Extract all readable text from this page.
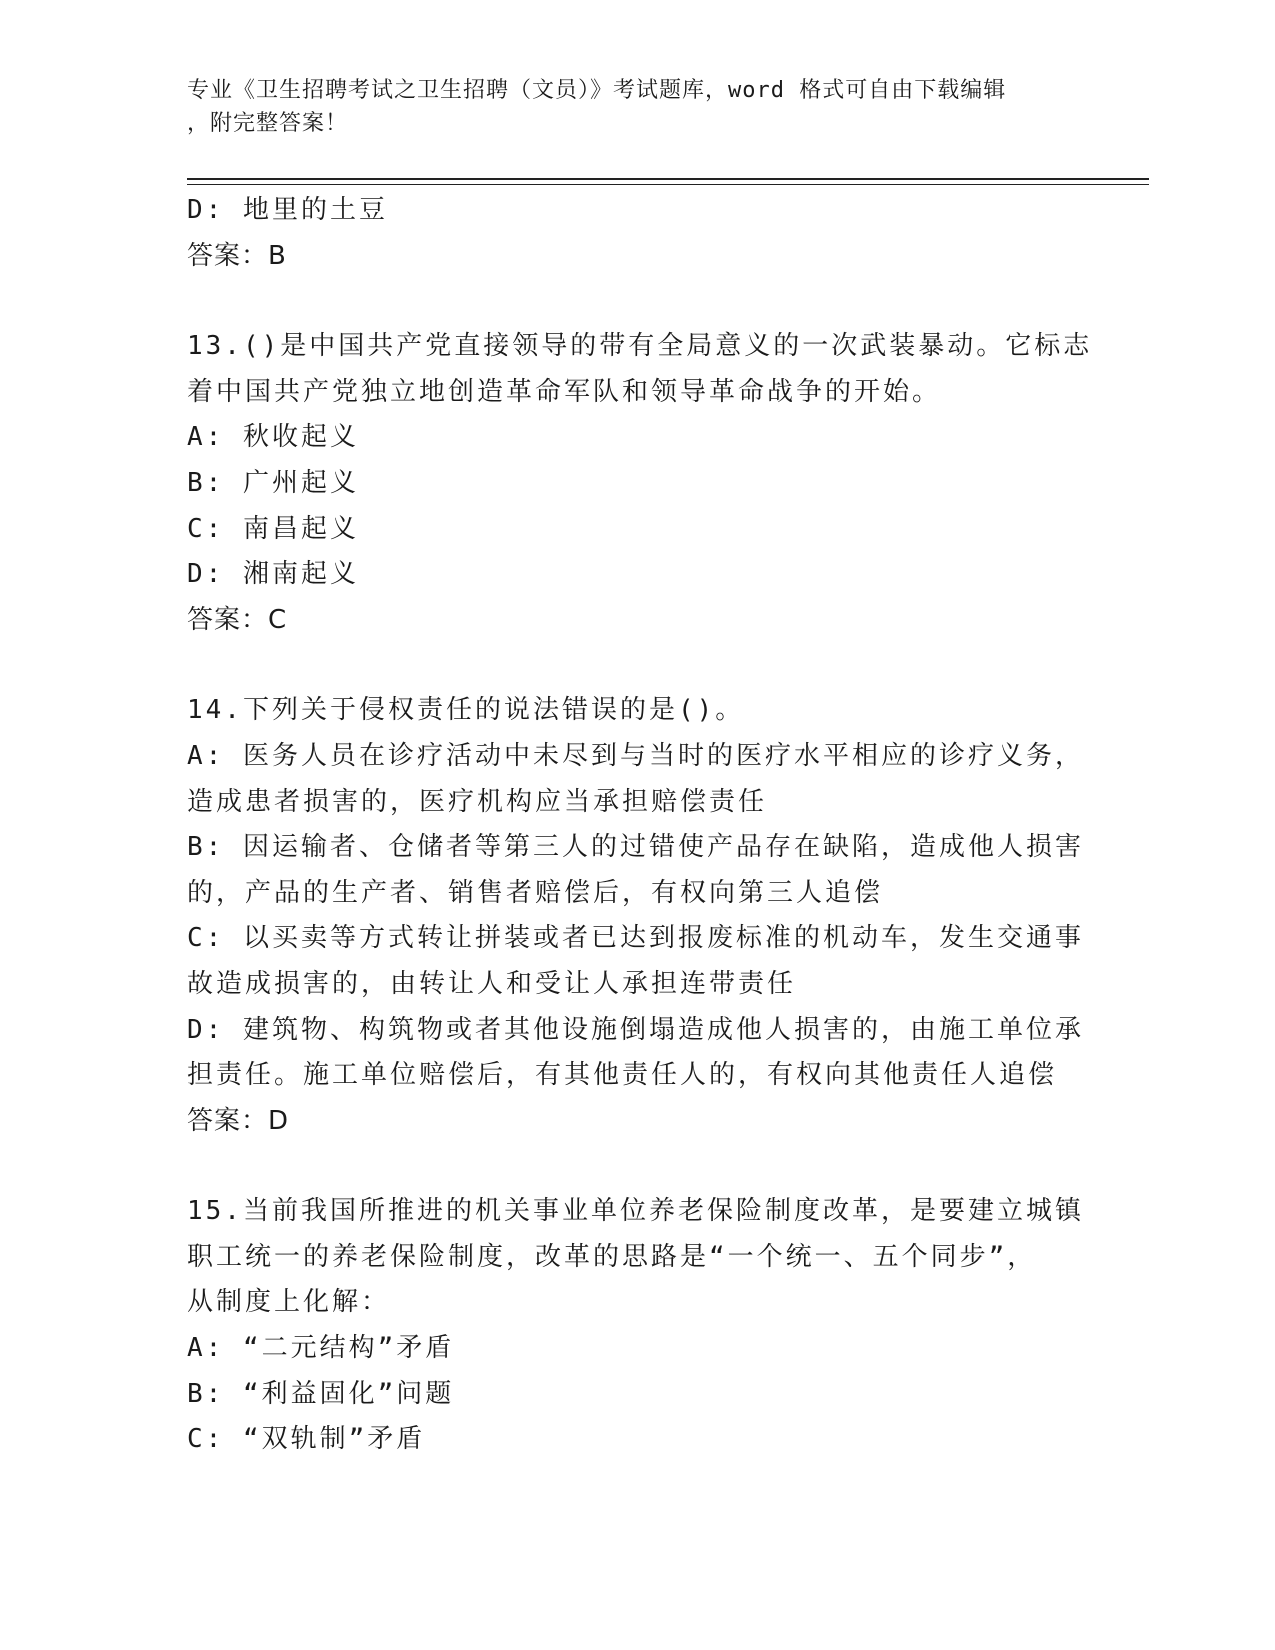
专业《卫生招聘考试之卫生招聘（文员）》考试题库，word 格式可自由下载编辑
，附完整答案！
D: 地里的土豆
答案：B
13.()是中国共产党直接领导的带有全局意义的一次武装暴动。它标志
着中国共产党独立地创造革命军队和领导革命战争的开始。
A: 秋收起义
B: 广州起义
C: 南昌起义
D: 湘南起义
答案：C
14.下列关于侵权责任的说法错误的是()。
A: 医务人员在诊疗活动中未尽到与当时的医疗水平相应的诊疗义务，
造成患者损害的，医疗机构应当承担赔偿责任
B: 因运输者、仓储者等第三人的过错使产品存在缺陷，造成他人损害
的，产品的生产者、销售者赔偿后，有权向第三人追偿
C: 以买卖等方式转让拼装或者已达到报废标准的机动车，发生交通事
故造成损害的，由转让人和受让人承担连带责任
D: 建筑物、构筑物或者其他设施倒塌造成他人损害的，由施工单位承
担责任。施工单位赔偿后，有其他责任人的，有权向其他责任人追偿
答案：D
15.当前我国所推进的机关事业单位养老保险制度改革，是要建立城镇
职工统一的养老保险制度，改革的思路是“一个统一、五个同步”，
从制度上化解：
A: “二元结构”矛盾
B: “利益固化”问题
C: “双轨制”矛盾
